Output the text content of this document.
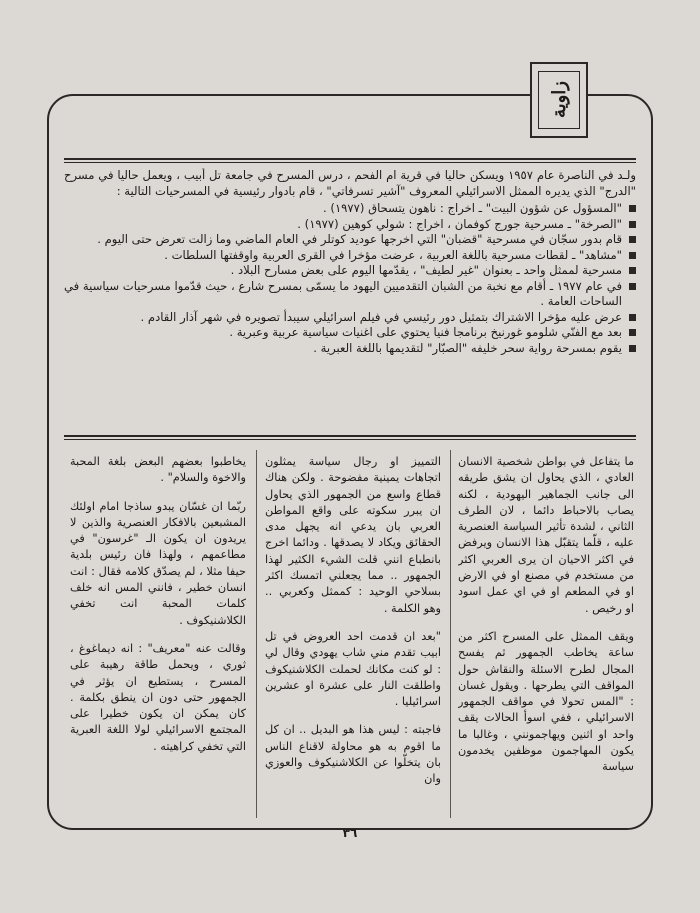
زاوية

ولـد في الناصرة عام ١٩٥٧ ويسكن حاليا في قرية ام الفحم ، درس المسرح في جامعة تل أبيب ، ويعمل حاليا في مسرح "الدرج" الذي يديره الممثل الاسرائيلي المعروف "آشير تسرفاتي" ، قام بادوار رئيسية في المسرحيات التالية :

"المسؤول عن شؤون البيت" ـ اخراج : ناهون يتسحاق (١٩٧٧) .
"الصرخة" ـ مسرحية جورج كوفمان ، اخراج : شولي كوهين (١٩٧٧) .
قام بدور سجّان في مسرحية "قضبان" التي اخرجها عوديد كوتلر في العام الماضي وما زالت تعرض حتى اليوم .
"مشاهد" ـ لقطات مسرحية باللغة العربية ، عرضت مؤخرا في القرى العربية واوقفتها السلطات .
مسرحية لممثل واحد ـ بعنوان "غير لطيف" ، يقدّمها اليوم على بعض مسارح البلاد .
في عام ١٩٧٧ ـ أقام مع نخبة من الشبان التقدميين اليهود ما يسمّى بمسرح شارع ، حيث قدّموا مسرحيات سياسية في الساحات العامة .
عرض عليه مؤخرا الاشتراك بتمثيل دور رئيسي في فيلم اسرائيلي سيبدأ تصويره في شهر آذار القادم .
بعد مع الفنّي شلومو غورنيخ برنامجا فنيا يحتوي على اغنيات سياسية عربية وعبرية .
يقوم بمسرحة رواية سحر خليفه "الصبّار" لتقديمها باللغة العبرية .

ما يتفاعل في بواطن شخصية الانسان العادي ، الذي يحاول ان يشق طريقه الى جانب الجماهير اليهودية ، لكنه يصاب بالاحباط دائما ، لان الطرف الثاني ، لشدة تأثير السياسة العنصرية عليه ، قلّما يتقبّل هذا الانسان ويرفض في اكثر الاحيان ان يرى العربي اكثر من مستخدم في مصنع او في الارض او في المطعم او في اي عمل اسود او رخيص .

ويقف الممثل على المسرح اكثر من ساعة يخاطب الجمهور ثم يفسح المجال لطرح الاسئلة والنقاش حول المواقف التي يطرحها . ويقول غسان : "المس تحولا في مواقف الجمهور الاسرائيلي ، ففي اسوأ الحالات يقف واحد او اثنين ويهاجمونني ، وغالبا ما يكون المهاجمون موظفين يخدمون سياسة

التمييز او رجال سياسة يمثلون اتجاهات يمينية مفضوحة . ولكن هناك قطاع واسع من الجمهور الذي يحاول ان يبرر سكوته على واقع المواطن العربي بان يدعي انه يجهل مدى الحقائق ويكاد لا يصدقها . ودائما اخرج بانطباع انني قلت الشيء الكثير لهذا الجمهور .. مما يجعلني اتمسك اكثر بسلاحي الوحيد : كممثل وكعربي .. وهو الكلمة .

"بعد ان قدمت احد العروض في تل ابيب تقدم مني شاب يهودي وقال لي : لو كنت مكانك لحملت الكلاشنيكوف واطلقت النار على عشرة او عشرين اسرائيليا .

فاجبته : ليس هذا هو البديل .. ان كل ما اقوم به هو محاولة لاقناع الناس بان يتخلّوا عن الكلاشنيكوف والعوزي وان

يخاطبوا بعضهم البعض بلغة المحبة والاخوة والسلام" .

ربّما ان غسّان يبدو ساذجا امام اولئك المشبعين بالافكار العنصرية والذين لا يريدون ان يكون الـ "غرسون" في مطاعمهم ، ولهذا فان رئيس بلدية حيفا مثلا ، لم يصدّق كلامه فقال : انت انسان خطير ، فانني المس انه خلف كلمات المحبة انت تخفي الكلاشنيكوف .

وقالت عنه "معريف" : انه ديماغوغ ، ثوري ، ويحمل طاقة رهيبة على المسرح ، يستطيع ان يؤثر في الجمهور حتى دون ان ينطق بكلمة . كان يمكن ان يكون خطيرا على المجتمع الاسرائيلي لولا اللغة العبرية التي تخفي كراهيته .

٣٦
